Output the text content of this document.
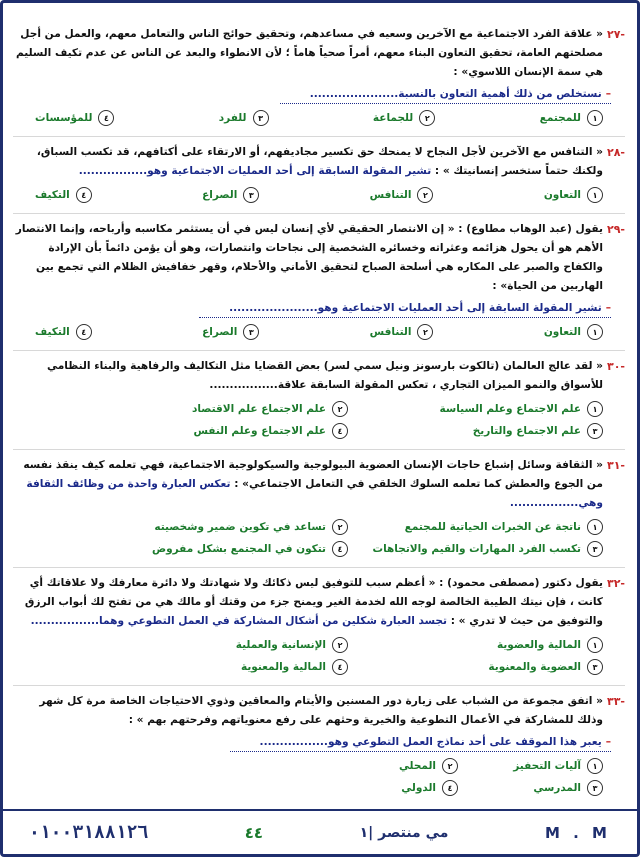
-٢٧
« علاقة الفرد الاجتماعية مع الآخرين وسعيه في مساعدهم، وتحقيق حوائج الناس والتعامل معهم، والعمل من أجل مصلحتهم العامة، تحقيق التعاون البناء معهم، أمراً صحياً هاماً ؛ لأن الانطواء والبعد عن الناس عن عدم تكيف السليم هي سمة الإنسان اللاسوي» :
–نستخلص من ذلك أهمية التعاون بالنسبة......................
١
للمجتمع
٢
للجماعة
٣
للفرد
٤
للمؤسسات
-٢٨
« التنافس مع الآخرين لأجل النجاح لا يمنحك حق تكسير مجاديفهم، أو الارتقاء على أكتافهم، قد تكسب السباق، ولكنك حتماً ستخسر إنسانيتك » : تشير المقولة السابقة إلى أحد العمليات الاجتماعية وهو.................
١
التعاون
٢
التنافس
٣
الصراع
٤
التكيف
-٢٩
يقول (عبد الوهاب مطاوع) : « إن الانتصار الحقيقي لأي إنسان ليس في أن يستثمر مكاسبه وأرباحه، وإنما الانتصار الأهم هو أن يحول هزائمه وعثراته وخسائره الشخصية إلى نجاحات وانتصارات، وهو أن يؤمن دائماً بأن الإرادة والكفاح والصبر على المكاره هي أسلحة الصباح لتحقيق الأماني والأحلام، وقهر خفافيش الظلام التي تجمع بين الهاربين من الحياة» :
–تشير المقولة السابقة إلى أحد العمليات الاجتماعية وهو......................
١
التعاون
٢
التنافس
٣
الصراع
٤
التكيف
-٣٠
« لقد عالج العالمان (تالكوت بارسونز ونيل سمي لسر) بعض القضايا مثل التكاليف والرفاهية والبناء النظامي للأسواق والنمو الميزان التجاري ، تعكس المقولة السابقة علاقة.................
١
علم الاجتماع وعلم السياسة
٢
علم الاجتماع علم الاقتصاد
٣
علم الاجتماع والتاريخ
٤
علم الاجتماع وعلم النفس
-٣١
« الثقافة وسائل إشباع حاجات الإنسان العضوية البيولوجية والسيكولوجية الاجتماعية، فهي تعلمه كيف ينقذ نفسه من الجوع والعطش كما تعلمه السلوك الخلقي في التعامل الاجتماعي» : تعكس العبارة واحدة من وظائف الثقافة وهي.................
١
ناتجة عن الخبرات الحياتية للمجتمع
٢
تساعد في تكوين ضمير وشخصيته
٣
تكسب الفرد المهارات والقيم والاتجاهات
٤
تتكون في المجتمع بشكل مفروض
-٣٢
يقول دكتور (مصطفى محمود) : « أعظم سبب للتوفيق ليس ذكائك ولا شهادتك ولا دائرة معارفك ولا علاقاتك أي كانت ، فإن نيتك الطيبة الخالصة لوجه الله لخدمة الغير ويمنح جزء من وقتك أو مالك هي من تفتح لك أبواب الرزق والتوفيق من حيث لا تدري » : تجسد العبارة شكلين من أشكال المشاركة في العمل التطوعي وهما.................
١
المالية والعضوية
٢
الإنسانية والعملية
٣
العضوية والمعنوية
٤
المالية والمعنوية
-٣٣
« اتفق مجموعة من الشباب على زيارة دور المسنين والأيتام والمعاقين وذوي الاحتياجات الخاصة مرة كل شهر وذلك للمشاركة في الأعمال التطوعية والخيرية وحثهم على رفع معنوياتهم وفرحتهم بهم » :
–يعبر هذا الموقف على أحد نماذج العمل التطوعي وهو.................
١
آليات التحفيز
٢
المحلي
٣
المدرسي
٤
الدولي
٠١٠٠٣١٨٨١٢٦	٤٤	مي منتصر |١	M . M
